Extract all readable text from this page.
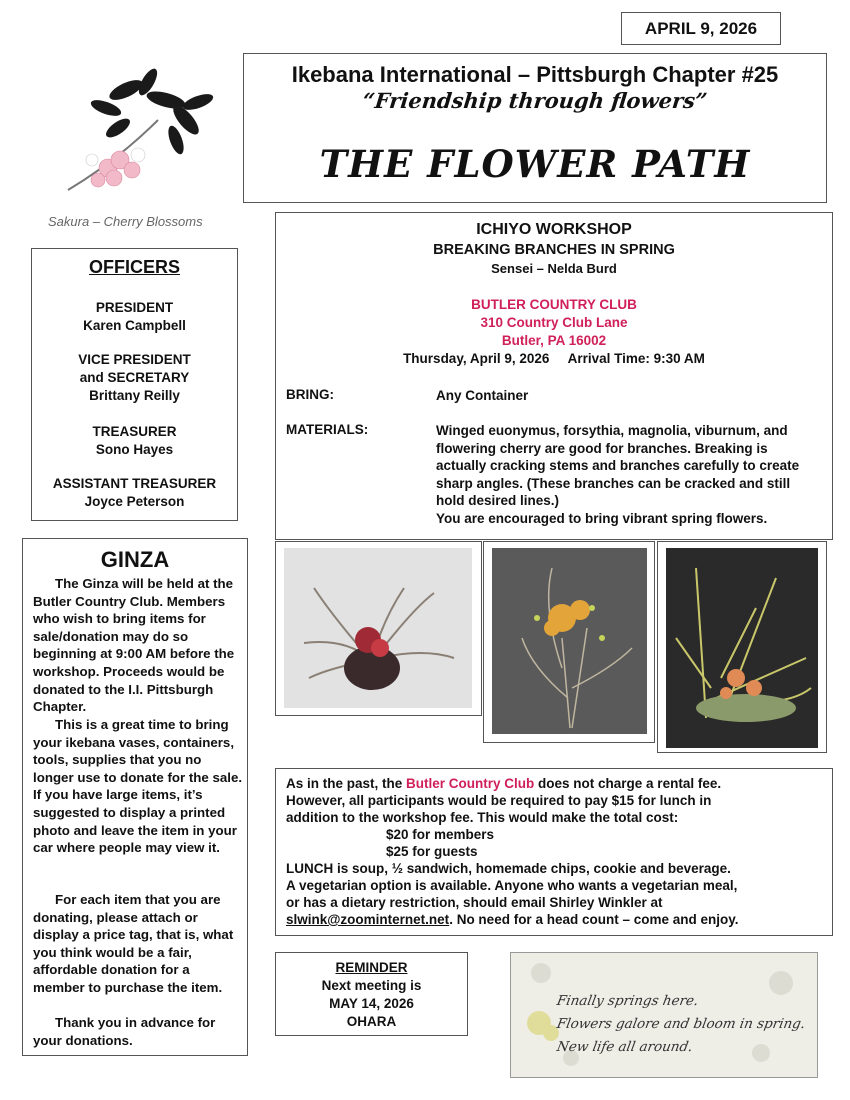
APRIL 9, 2026
Ikebana International – Pittsburgh Chapter #25
“Friendship through flowers”
THE FLOWER PATH
Sakura – Cherry Blossoms
OFFICERS
PRESIDENT
Karen Campbell
VICE PRESIDENT
and SECRETARY
Brittany Reilly
TREASURER
Sono Hayes
ASSISTANT TREASURER
Joyce Peterson
GINZA
The Ginza will be held at the Butler Country Club. Members who wish to bring items for sale/donation may do so beginning at 9:00 AM before the workshop. Proceeds would be donated to the I.I. Pittsburgh Chapter.
This is a great time to bring your ikebana vases, containers, tools, supplies that you no longer use to donate for the sale. If you have large items, it’s suggested to display a printed photo and leave the item in your car where people may view it.
For each item that you are donating, please attach or display a price tag, that is, what you think would be a fair, affordable donation for a member to purchase the item.
Thank you in advance for your donations.
ICHIYO WORKSHOP
BREAKING BRANCHES IN SPRING
Sensei – Nelda Burd
BUTLER COUNTRY CLUB
310 Country Club Lane
Butler, PA 16002
Thursday, April 9, 2026     Arrival Time: 9:30 AM
BRING:	Any Container
MATERIALS:	Winged euonymus, forsythia, magnolia, viburnum, and flowering cherry are good for branches. Breaking is actually cracking stems and branches carefully to create sharp angles. (These branches can be cracked and still hold desired lines.)
You are encouraged to bring vibrant spring flowers.
As in the past, the Butler Country Club does not charge a rental fee.
However, all participants would be required to pay $15 for lunch in
addition to the workshop fee. This would make the total cost:
$20 for members
$25 for guests
LUNCH is soup, ½ sandwich, homemade chips, cookie and beverage.
A vegetarian option is available. Anyone who wants a vegetarian meal,
or has a dietary restriction, should email Shirley Winkler at
slwink@zoominternet.net. No need for a head count – come and enjoy.
REMINDER
Next meeting is
MAY 14, 2026
OHARA
Finally springs here.
Flowers galore and bloom in spring.
New life all around.
